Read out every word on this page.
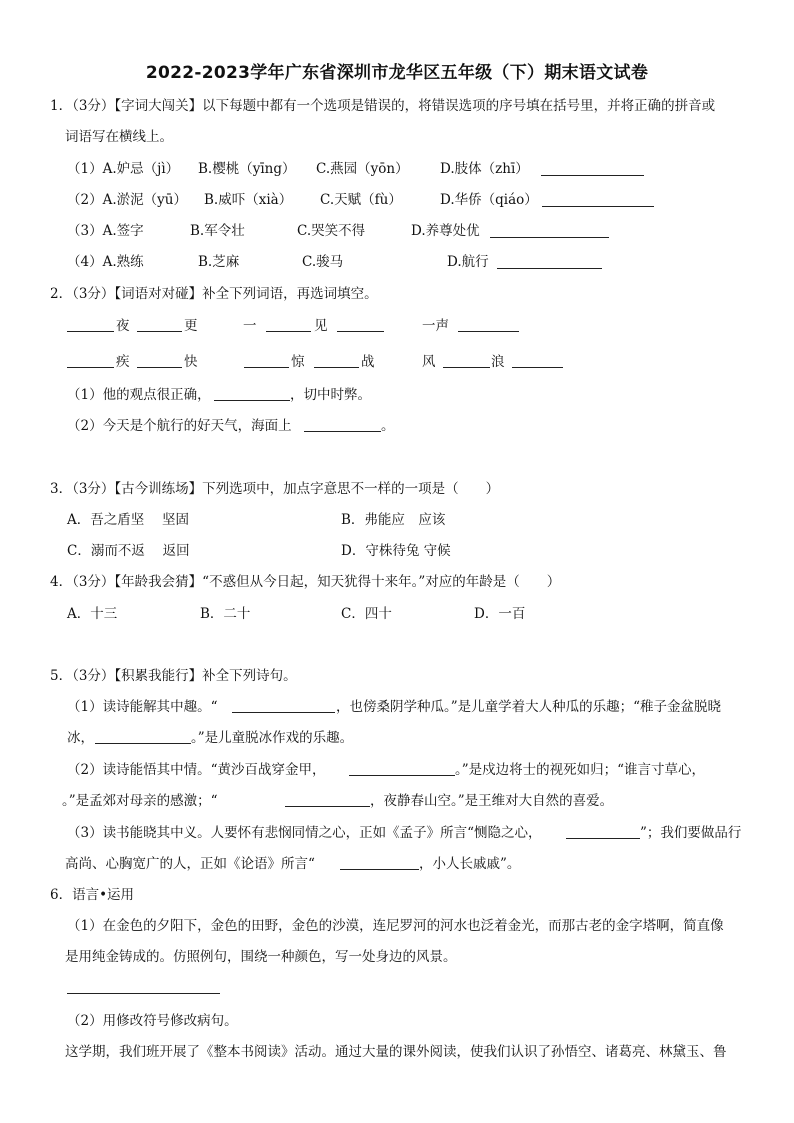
2022-2023学年广东省深圳市龙华区五年级（下）期末语文试卷
1．（3分）【字词大闯关】以下每题中都有一个选项是错误的，将错误选项的序号填在括号里，并将正确的拼音或
词语写在横线上。
（1）A.妒忌（jì） B.樱桃（yīng） C.燕园（yōn） D.肢体（zhī）
（2）A.淤泥（yū） B.威吓（xià） C.天赋（fù）	D.华侨（qiáo）
（3）A.签字	B.军令壮	C.哭笑不得	D.养尊处优
（4）A.熟练	B.芝麻	C.骏马	D.航行
2．（3分）【词语对对碰】补全下列词语，再选词填空。
夜	更	一	见	一声
疾	快	惊	战	风	浪
（1）他的观点很正确，	，切中时弊。
（2）今天是个航行的好天气，海面上	。
3．（3分）【古今训练场】下列选项中，加点字意思不一样的一项是（　　）
A．吾之盾坚　 坚固	B．弗能应　应该
C．溺而不返　 返回	D．守株待兔 守候
4．（3分）【年龄我会猜】“不惑但从今日起，知天犹得十来年。”对应的年龄是（　　）
A．十三	B．二十	C．四十	D．一百
5．（3分）【积累我能行】补全下列诗句。
（1）读诗能解其中趣。“	，也傍桑阴学种瓜。”是儿童学着大人种瓜的乐趣；“稚子金盆脱晓
冰，	。”是儿童脱冰作戏的乐趣。
（2）读诗能悟其中情。“黄沙百战穿金甲，	。”是戍边将士的视死如归；“谁言寸草心，
。”是孟郊对母亲的感激；“	，夜静春山空。”是王维对大自然的喜爱。
（3）读书能晓其中义。人要怀有悲悯同情之心，正如《孟子》所言“恻隐之心，	”；我们要做品行
高尚、心胸宽广的人，正如《论语》所言“	，小人长戚戚”。
6．语言•运用
（1）在金色的夕阳下，金色的田野，金色的沙漠，连尼罗河的河水也泛着金光，而那古老的金字塔啊，简直像
是用纯金铸成的。仿照例句，围绕一种颜色，写一处身边的风景。
（2）用修改符号修改病句。
这学期，我们班开展了《整本书阅读》活动。通过大量的课外阅读，使我们认识了孙悟空、诸葛亮、林黛玉、鲁
